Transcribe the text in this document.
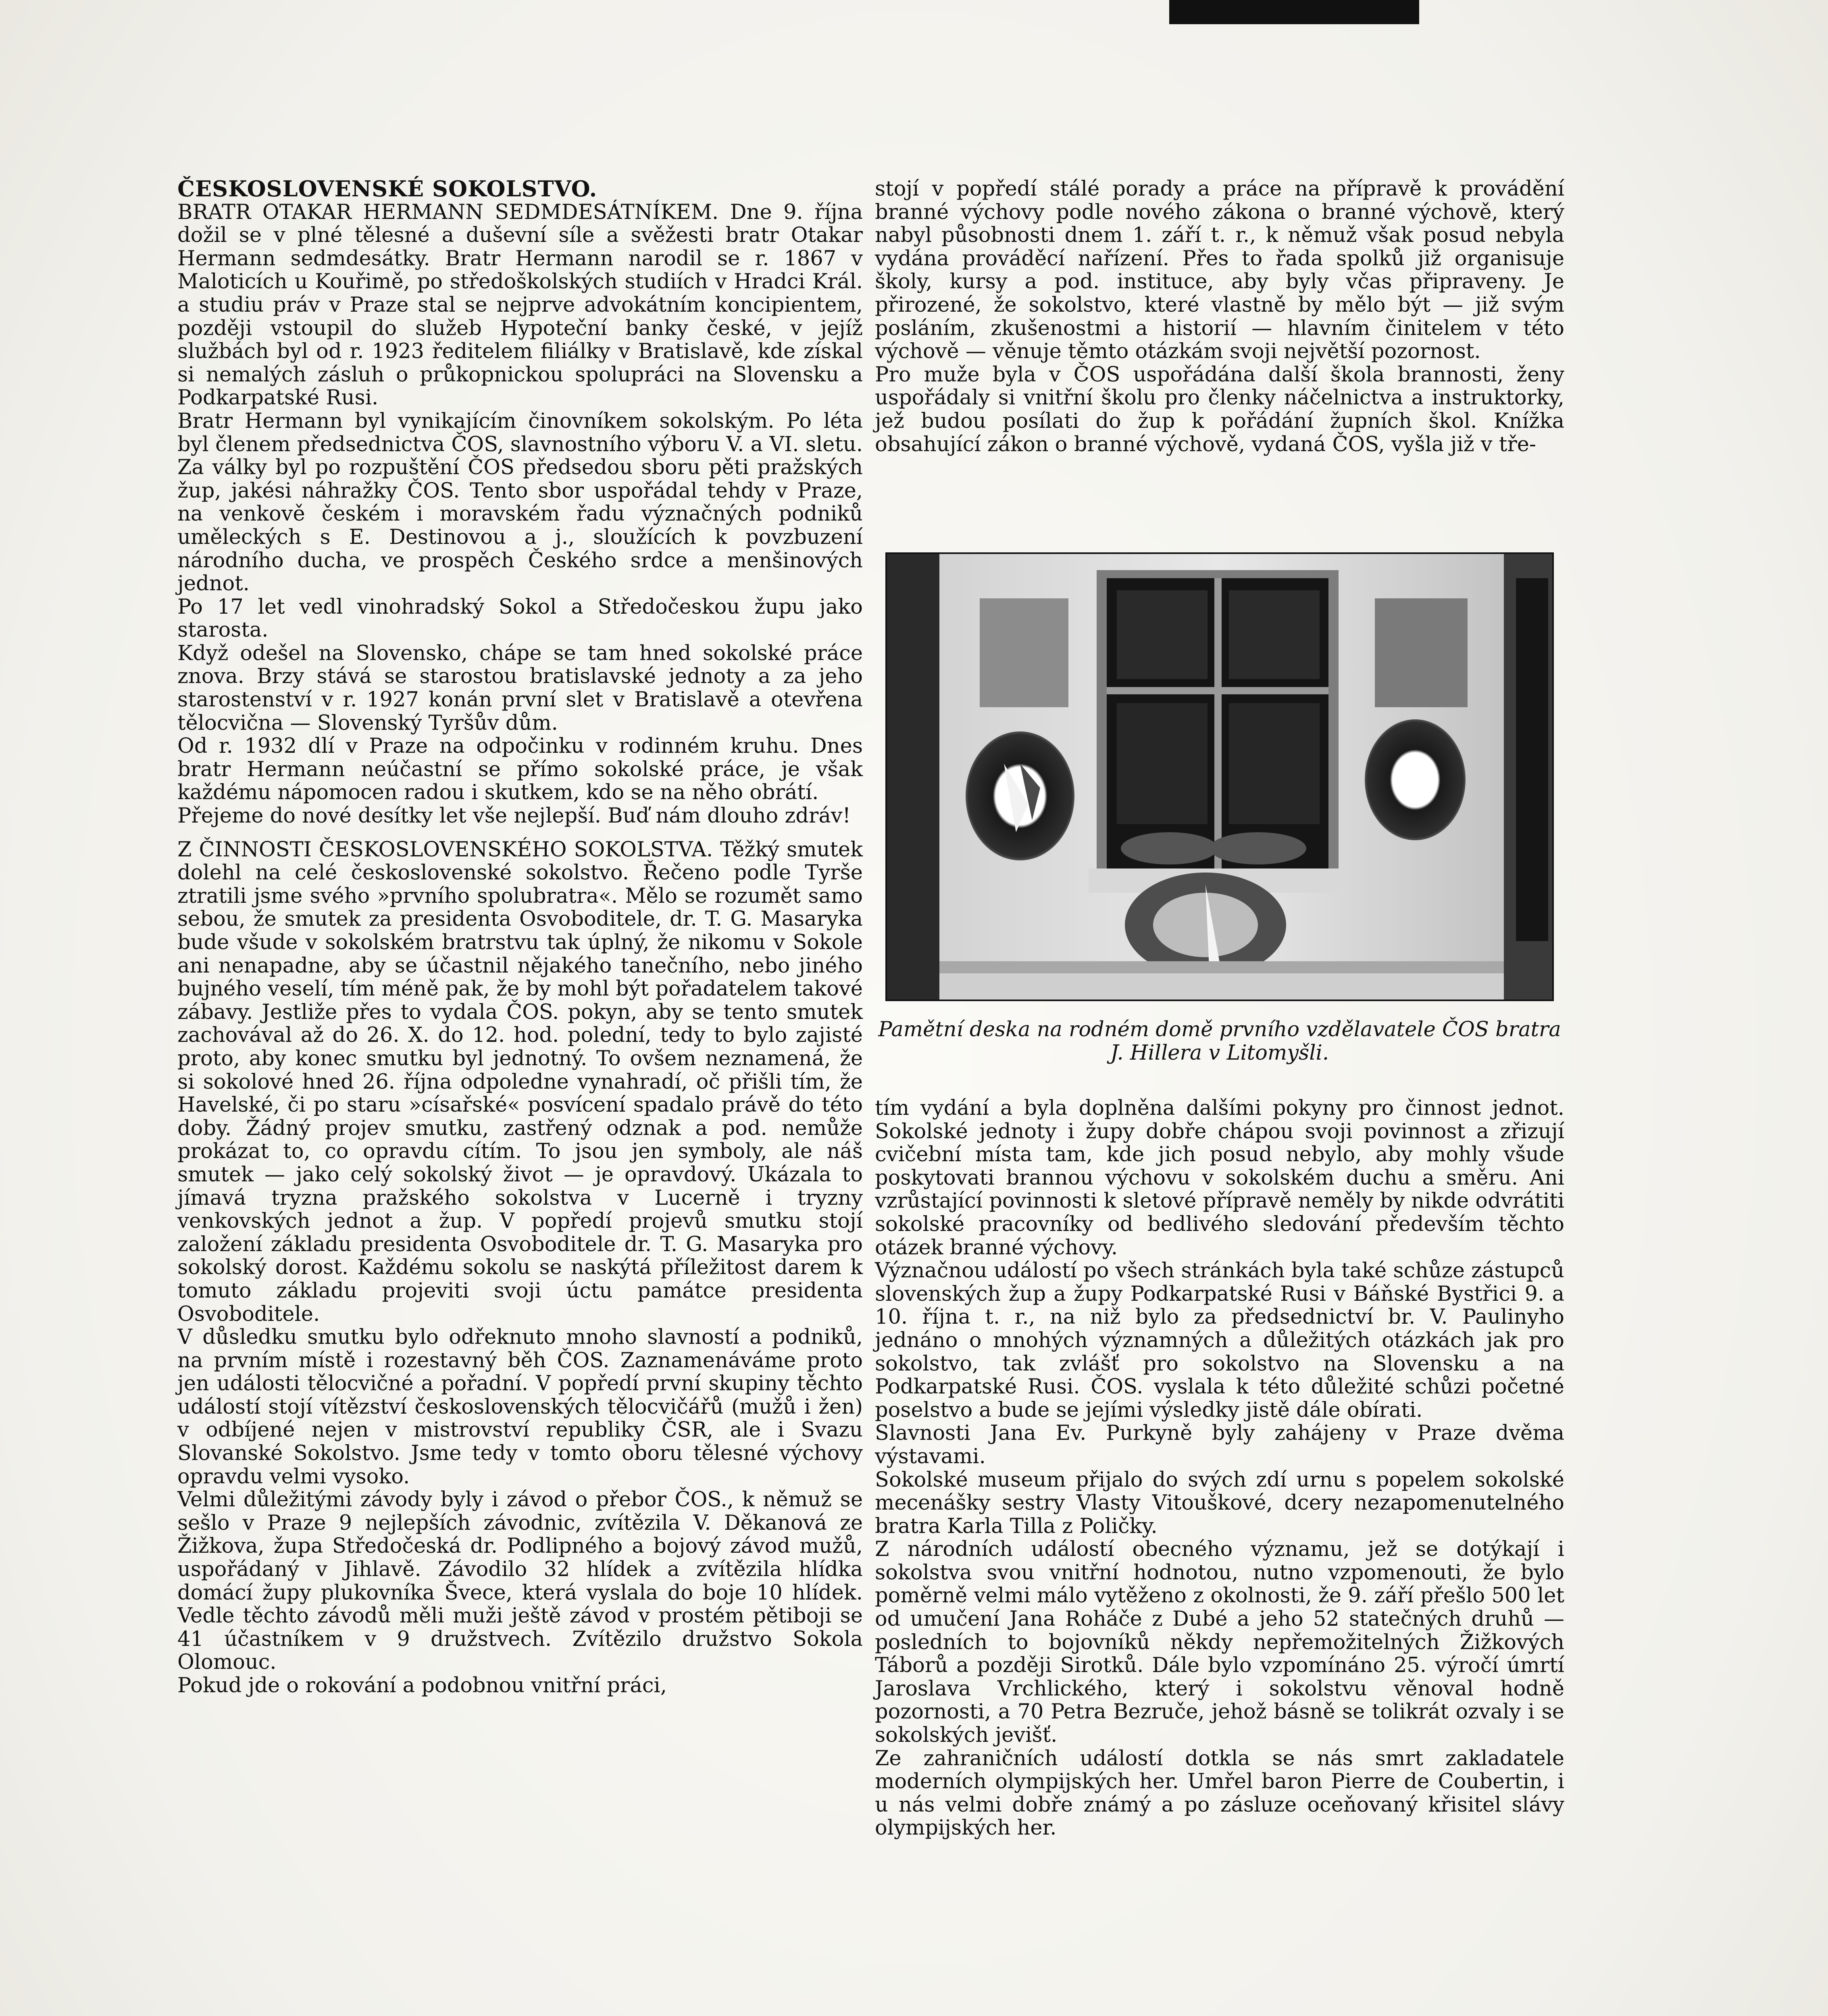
ČESKOSLOVENSKÉ SOKOLSTVO.

BRATR OTAKAR HERMANN SEDMDESÁTNÍKEM. Dne 9. října dožil se v plné tělesné a duševní síle a svěžesti bratr Otakar Hermann sedmdesátky. Bratr Hermann narodil se r. 1867 v Maloticích u Kouřimě, po středoškolských studiích v Hradci Král. a studiu práv v Praze stal se nejprve advokátním koncipientem, později vstoupil do služeb Hypoteční banky české, v jejíž službách byl od r. 1923 ředitelem filiálky v Bratislavě, kde získal si nemalých zásluh o průkopnickou spolupráci na Slovensku a Podkarpatské Rusi.

Bratr Hermann byl vynikajícím činovníkem sokolským. Po léta byl členem předsednictva ČOS, slavnostního výboru V. a VI. sletu. Za války byl po rozpuštění ČOS předsedou sboru pěti pražských žup, jakési náhražky ČOS. Tento sbor uspořádal tehdy v Praze, na venkově českém i moravském řadu význačných podniků uměleckých s E. Destinovou a j., sloužících k povzbuzení národního ducha, ve prospěch Českého srdce a menšinových jednot.

Po 17 let vedl vinohradský Sokol a Středočeskou župu jako starosta.

Když odešel na Slovensko, chápe se tam hned sokolské práce znova. Brzy stává se starostou bratislavské jednoty a za jeho starostenství v r. 1927 konán první slet v Bratislavě a otevřena tělocvična — Slovenský Tyršův dům.

Od r. 1932 dlí v Praze na odpočinku v rodinném kruhu. Dnes bratr Hermann neúčastní se přímo sokolské práce, je však každému nápomocen radou i skutkem, kdo se na něho obrátí.

Přejeme do nové desítky let vše nejlepší. Buď nám dlouho zdráv!

Z ČINNOSTI ČESKOSLOVENSKÉHO SOKOLSTVA. Těžký smutek dolehl na celé československé sokolstvo. Řečeno podle Tyrše ztratili jsme svého »prvního spolubratra«. Mělo se rozumět samo sebou, že smutek za presidenta Osvoboditele, dr. T. G. Masaryka bude všude v sokolském bratrstvu tak úplný, že nikomu v Sokole ani nenapadne, aby se účastnil nějakého tanečního, nebo jiného bujného veselí, tím méně pak, že by mohl být pořadatelem takové zábavy. Jestliže přes to vydala ČOS. pokyn, aby se tento smutek zachovával až do 26. X. do 12. hod. polední, tedy to bylo zajisté proto, aby konec smutku byl jednotný. To ovšem neznamená, že si sokolové hned 26. října odpoledne vynahradí, oč přišli tím, že Havelské, či po staru »císařské« posvícení spadalo právě do této doby. Žádný projev smutku, zastřený odznak a pod. nemůže prokázat to, co opravdu cítím. To jsou jen symboly, ale náš smutek — jako celý sokolský život — je opravdový. Ukázala to jímavá tryzna pražského sokolstva v Lucerně i tryzny venkovských jednot a žup. V popředí projevů smutku stojí založení základu presidenta Osvoboditele dr. T. G. Masaryka pro sokolský dorost. Každému sokolu se naskýtá příležitost darem k tomuto základu projeviti svoji úctu památce presidenta Osvoboditele.

V důsledku smutku bylo odřeknuto mnoho slavností a podniků, na prvním místě i rozestavný běh ČOS. Zaznamenáváme proto jen události tělocvičné a pořadní. V popředí první skupiny těchto událostí stojí vítězství československých tělocvičářů (mužů i žen) v odbíjené nejen v mistrovství republiky ČSR, ale i Svazu Slovanské Sokolstvo. Jsme tedy v tomto oboru tělesné výchovy opravdu velmi vysoko.

Velmi důležitými závody byly i závod o přebor ČOS., k němuž se sešlo v Praze 9 nejlepších závodnic, zvítězila V. Děkanová ze Žižkova, župa Středočeská dr. Podlipného a bojový závod mužů, uspořádaný v Jihlavě. Závodilo 32 hlídek a zvítězila hlídka domácí župy plukovníka Švece, která vyslala do boje 10 hlídek. Vedle těchto závodů měli muži ještě závod v prostém pětiboji se 41 účastníkem v 9 družstvech. Zvítězilo družstvo Sokola Olomouc.

Pokud jde o rokování a podobnou vnitřní práci,

stojí v popředí stálé porady a práce na přípravě k provádění branné výchovy podle nového zákona o branné výchově, který nabyl působnosti dnem 1. září t. r., k němuž však posud nebyla vydána prováděcí nařízení. Přes to řada spolků již organisuje školy, kursy a pod. instituce, aby byly včas připraveny. Je přirozené, že sokolstvo, které vlastně by mělo být — již svým posláním, zkušenostmi a historií — hlavním činitelem v této výchově — věnuje těmto otázkám svoji největší pozornost.

Pro muže byla v ČOS uspořádána další škola brannosti, ženy uspořádaly si vnitřní školu pro členky náčelnictva a instruktorky, jež budou posílati do žup k pořádání župních škol. Knížka obsahující zákon o branné výchově, vydaná ČOS, vyšla již v tře-

Pamětní deska na rodném domě prvního vzdělavatele ČOS bratra J. Hillera v Litomyšli.

tím vydání a byla doplněna dalšími pokyny pro činnost jednot. Sokolské jednoty i župy dobře chápou svoji povinnost a zřizují cvičební místa tam, kde jich posud nebylo, aby mohly všude poskytovati brannou výchovu v sokolském duchu a směru. Ani vzrůstající povinnosti k sletové přípravě neměly by nikde odvrátiti sokolské pracovníky od bedlivého sledování především těchto otázek branné výchovy.

Význačnou událostí po všech stránkách byla také schůze zástupců slovenských žup a župy Podkarpatské Rusi v Báňské Bystřici 9. a 10. října t. r., na niž bylo za předsednictví br. V. Paulinyho jednáno o mnohých významných a důležitých otázkách jak pro sokolstvo, tak zvlášť pro sokolstvo na Slovensku a na Podkarpatské Rusi. ČOS. vyslala k této důležité schůzi početné poselstvo a bude se jejími výsledky jistě dále obírati.

Slavnosti Jana Ev. Purkyně byly zahájeny v Praze dvěma výstavami.

Sokolské museum přijalo do svých zdí urnu s popelem sokolské mecenášky sestry Vlasty Vitouškové, dcery nezapomenutelného bratra Karla Tilla z Poličky.

Z národních událostí obecného významu, jež se dotýkají i sokolstva svou vnitřní hodnotou, nutno vzpomenouti, že bylo poměrně velmi málo vytěženo z okolnosti, že 9. září přešlo 500 let od umučení Jana Roháče z Dubé a jeho 52 statečných druhů — posledních to bojovníků někdy nepřemožitelných Žižkových Táborů a později Sirotků. Dále bylo vzpomínáno 25. výročí úmrtí Jaroslava Vrchlického, který i sokolstvu věnoval hodně pozornosti, a 70 Petra Bezruče, jehož básně se tolikrát ozvaly i se sokolských jevišť.

Ze zahraničních událostí dotkla se nás smrt zakladatele moderních olympijských her. Umřel baron Pierre de Coubertin, i u nás velmi dobře známý a po zásluze oceňovaný křisitel slávy olympijských her.
